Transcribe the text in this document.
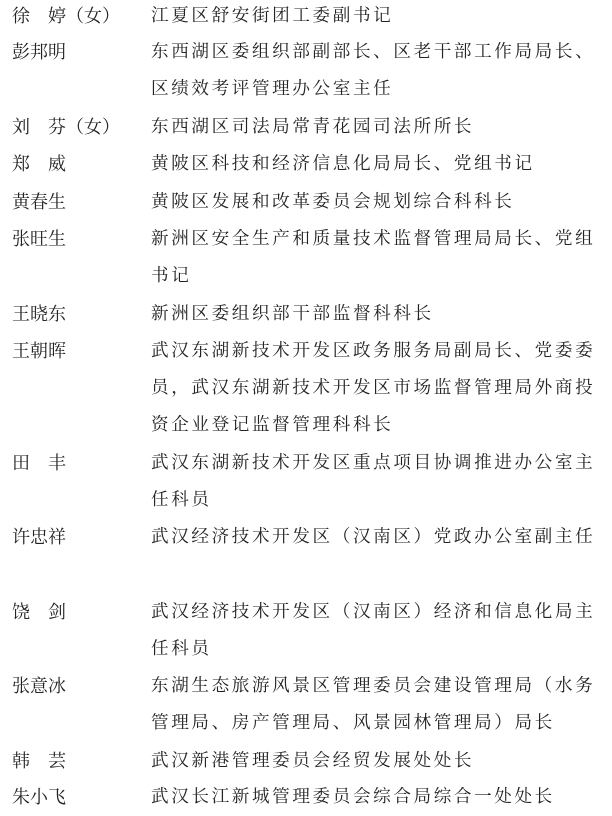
徐　婷（女）	江夏区舒安街团工委副书记
彭邦明	东西湖区委组织部副部长、区老干部工作局局长、区绩效考评管理办公室主任
刘　芬（女）	东西湖区司法局常青花园司法所所长
郑　威	黄陂区科技和经济信息化局局长、党组书记
黄春生	黄陂区发展和改革委员会规划综合科科长
张旺生	新洲区安全生产和质量技术监督管理局局长、党组书记
王晓东	新洲区委组织部干部监督科科长
王朝晖	武汉东湖新技术开发区政务服务局副局长、党委委员，武汉东湖新技术开发区市场监督管理局外商投资企业登记监督管理科科长
田　丰	武汉东湖新技术开发区重点项目协调推进办公室主任科员
许忠祥	武汉经济技术开发区（汉南区）党政办公室副主任
饶　剑	武汉经济技术开发区（汉南区）经济和信息化局主任科员
张意冰	东湖生态旅游风景区管理委员会建设管理局（水务管理局、房产管理局、风景园林管理局）局长
韩　芸	武汉新港管理委员会经贸发展处处长
朱小飞	武汉长江新城管理委员会综合局综合一处处长
